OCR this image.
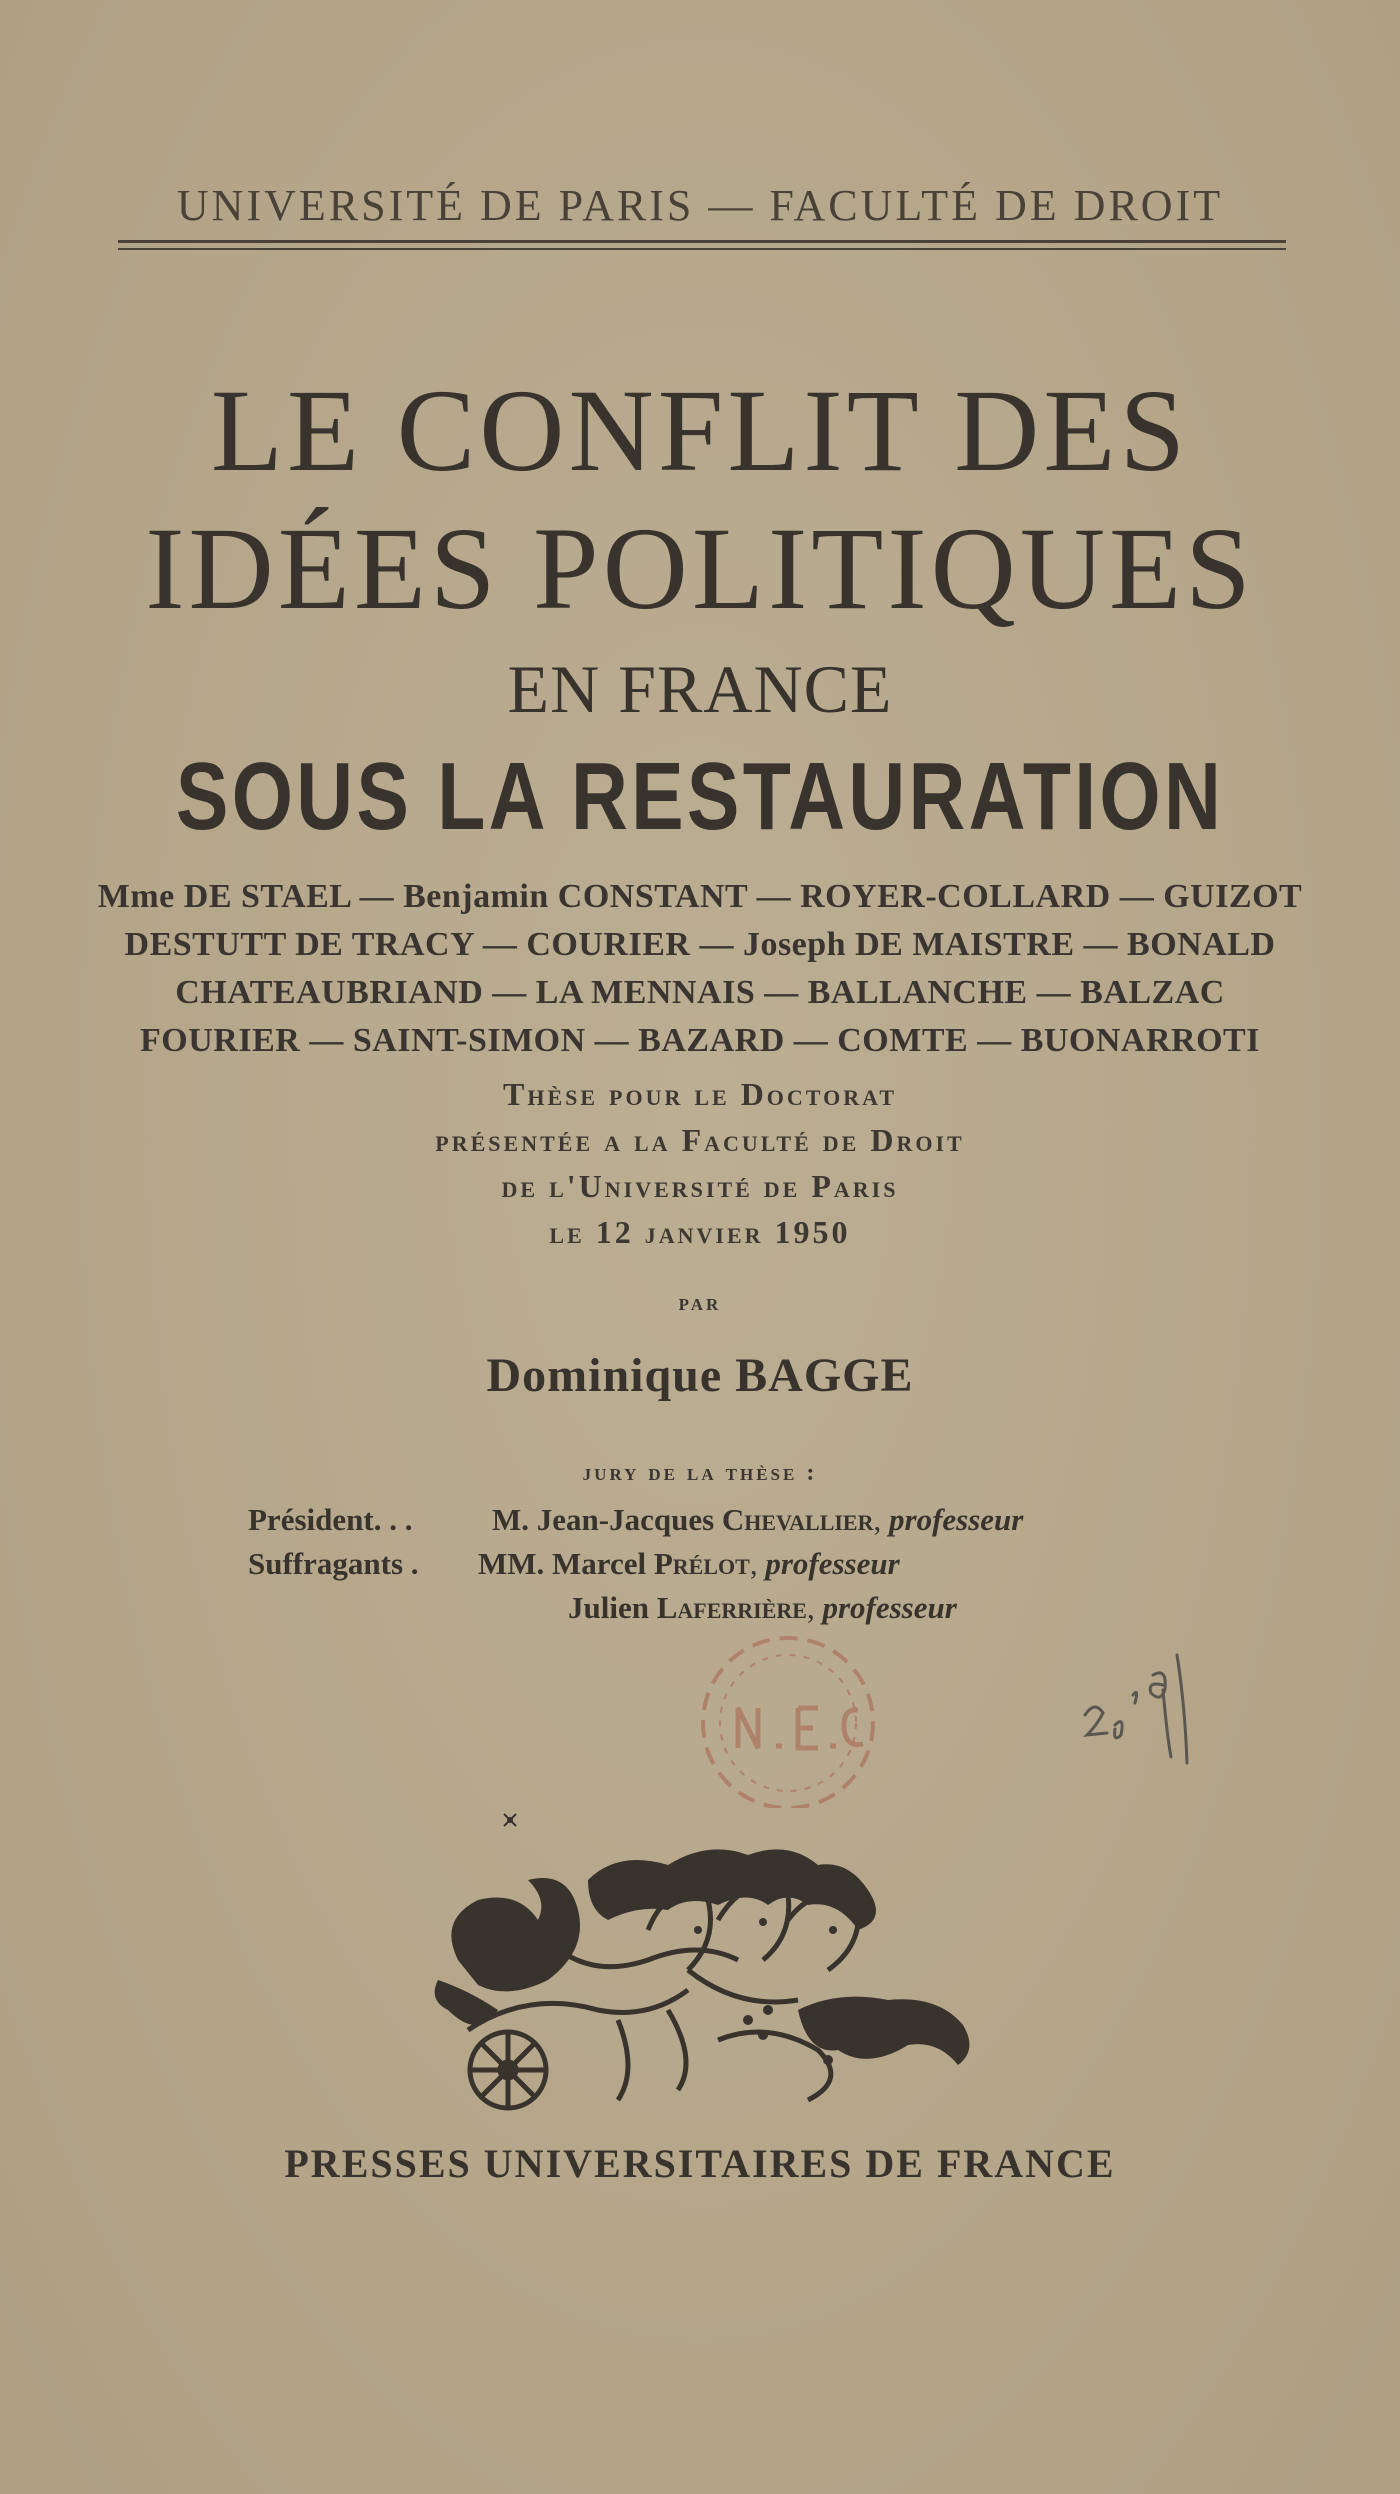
UNIVERSITÉ DE PARIS — FACULTÉ DE DROIT
LE CONFLIT DES
IDÉES POLITIQUES
EN FRANCE
SOUS LA RESTAURATION
Mme DE STAEL — Benjamin CONSTANT — ROYER-COLLARD — GUIZOT
DESTUTT DE TRACY — COURIER — Joseph DE MAISTRE — BONALD
CHATEAUBRIAND — LA MENNAIS — BALLANCHE — BALZAC
FOURIER — SAINT-SIMON — BAZARD — COMTE — BUONARROTI
Thèse pour le Doctorat
présentée a la Faculté de Droit
de l'Université de Paris
le 12 janvier 1950
par
Dominique BAGGE
jury de la thèse :
Président. . .	M. Jean-Jacques Chevallier, professeur
Suffragants . MM. Marcel Prélot, professeur
Julien Laferrière, professeur
PRESSES UNIVERSITAIRES DE FRANCE
